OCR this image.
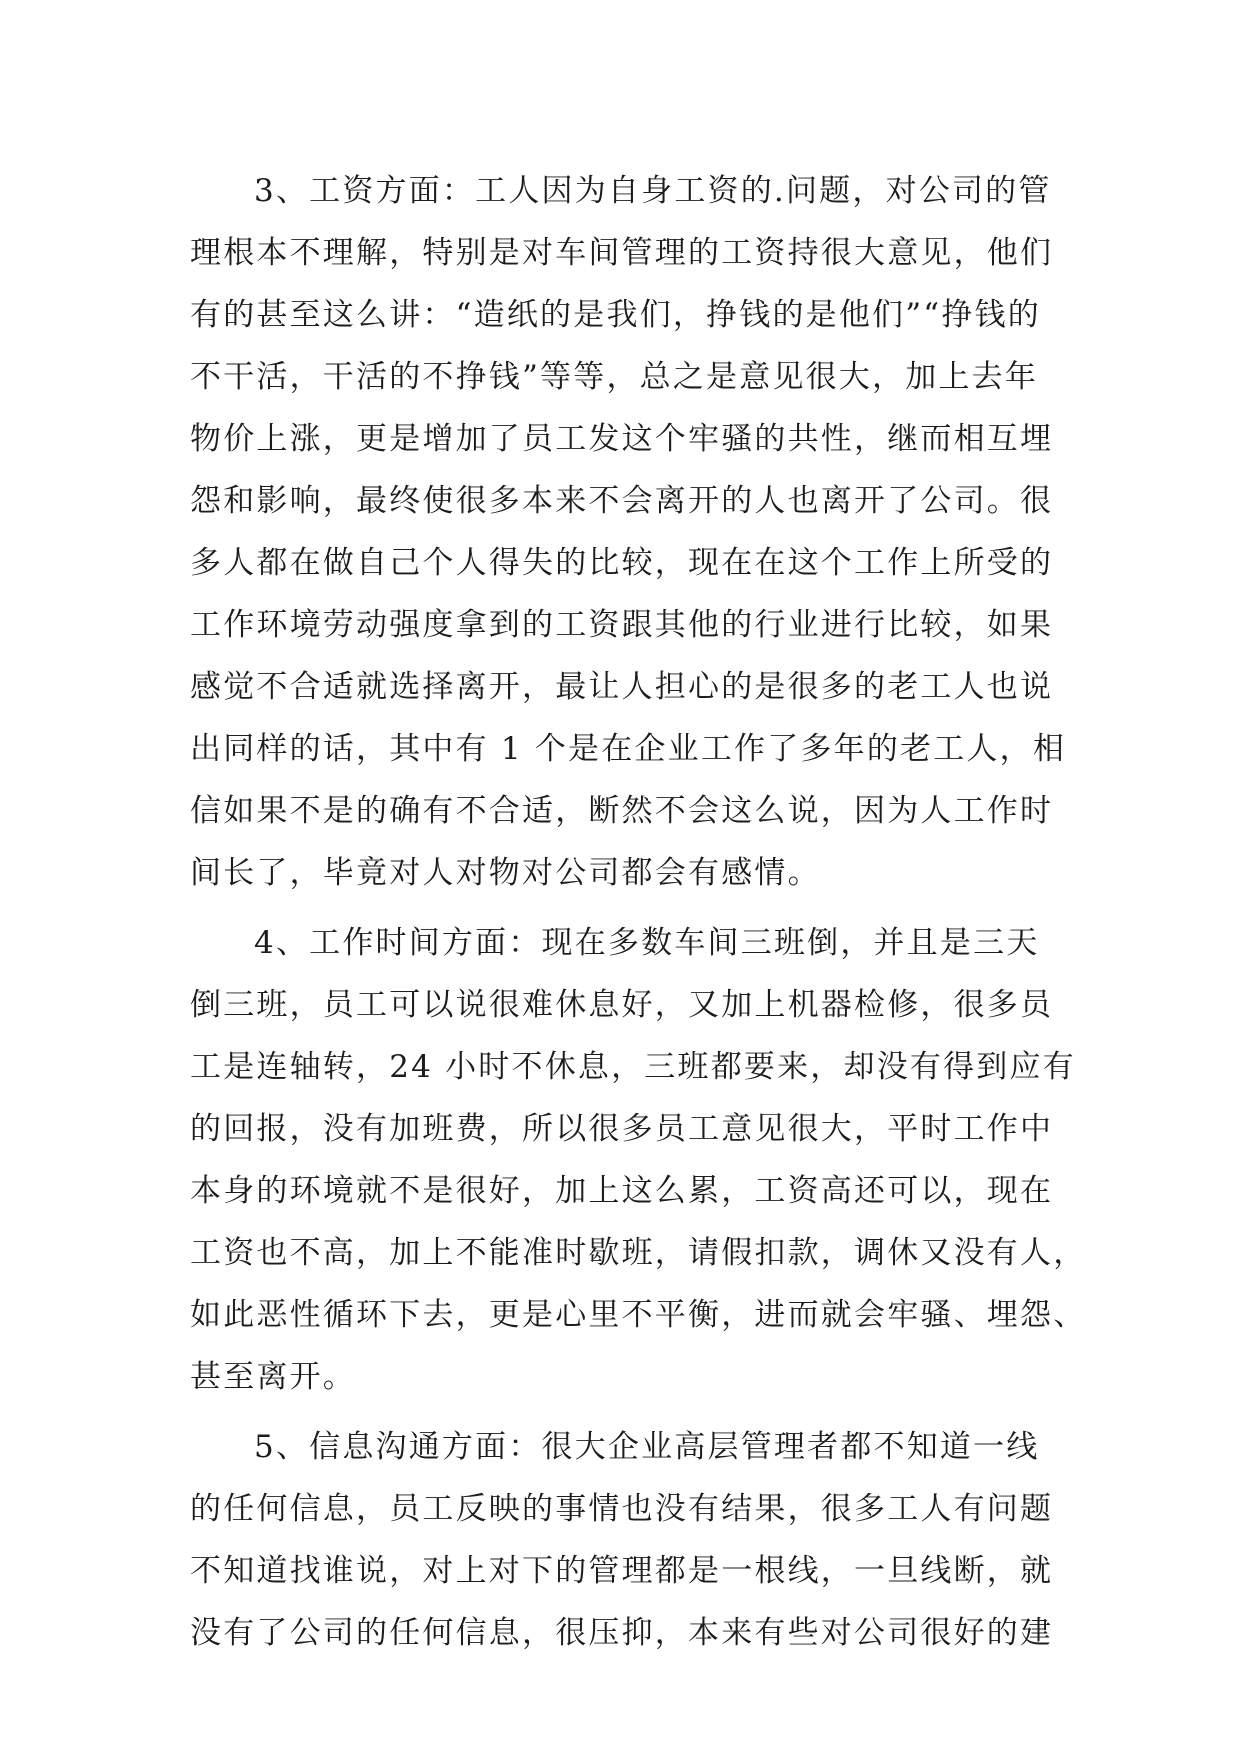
3、工资方面：工人因为自身工资的.问题，对公司的管
理根本不理解，特别是对车间管理的工资持很大意见，他们
有的甚至这么讲：“造纸的是我们，挣钱的是他们”“挣钱的
不干活，干活的不挣钱”等等，总之是意见很大，加上去年
物价上涨，更是增加了员工发这个牢骚的共性，继而相互埋
怨和影响，最终使很多本来不会离开的人也离开了公司。很
多人都在做自己个人得失的比较，现在在这个工作上所受的
工作环境劳动强度拿到的工资跟其他的行业进行比较，如果
感觉不合适就选择离开，最让人担心的是很多的老工人也说
出同样的话，其中有 1 个是在企业工作了多年的老工人，相
信如果不是的确有不合适，断然不会这么说，因为人工作时
间长了，毕竟对人对物对公司都会有感情。
4、工作时间方面：现在多数车间三班倒，并且是三天
倒三班，员工可以说很难休息好，又加上机器检修，很多员
工是连轴转，24 小时不休息，三班都要来，却没有得到应有
的回报，没有加班费，所以很多员工意见很大，平时工作中
本身的环境就不是很好，加上这么累，工资高还可以，现在
工资也不高，加上不能准时歇班，请假扣款，调休又没有人，
如此恶性循环下去，更是心里不平衡，进而就会牢骚、埋怨、
甚至离开。
5、信息沟通方面：很大企业高层管理者都不知道一线
的任何信息，员工反映的事情也没有结果，很多工人有问题
不知道找谁说，对上对下的管理都是一根线，一旦线断，就
没有了公司的任何信息，很压抑，本来有些对公司很好的建
